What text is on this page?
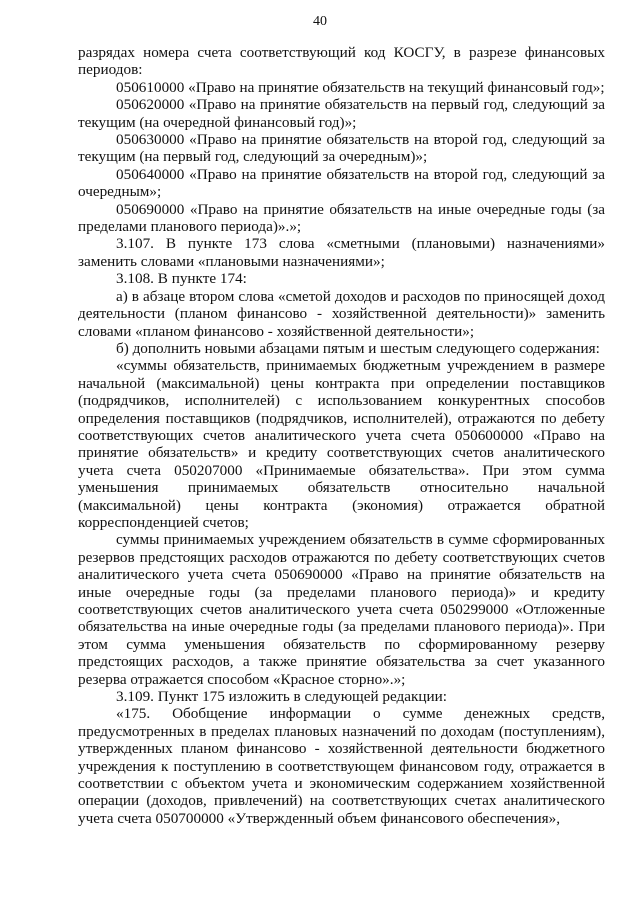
40

разрядах номера счета соответствующий код КОСГУ, в разрезе финансовых периодов:

050610000 «Право на принятие обязательств на текущий финансовый год»;

050620000 «Право на принятие обязательств на первый год, следующий за текущим (на очередной финансовый год)»;

050630000 «Право на принятие обязательств на второй год, следующий за текущим (на первый год, следующий за очередным)»;

050640000 «Право на принятие обязательств на второй год, следующий за очередным»;

050690000 «Право на принятие обязательств на иные очередные годы (за пределами планового периода)».»;

3.107. В пункте 173 слова «сметными (плановыми) назначениями» заменить словами «плановыми назначениями»;

3.108. В пункте 174:

а) в абзаце втором слова «сметой доходов и расходов по приносящей доход деятельности (планом финансово - хозяйственной деятельности)» заменить словами «планом финансово - хозяйственной деятельности»;

б) дополнить новыми абзацами пятым и шестым следующего содержания:

«суммы обязательств, принимаемых бюджетным учреждением в размере начальной (максимальной) цены контракта при определении поставщиков (подрядчиков, исполнителей) с использованием конкурентных способов определения поставщиков (подрядчиков, исполнителей), отражаются по дебету соответствующих счетов аналитического учета счета 050600000 «Право на принятие обязательств» и кредиту соответствующих счетов аналитического учета счета 050207000 «Принимаемые обязательства». При этом сумма уменьшения принимаемых обязательств относительно начальной (максимальной) цены контракта (экономия) отражается обратной корреспонденцией счетов;

суммы принимаемых учреждением обязательств в сумме сформированных резервов предстоящих расходов отражаются по дебету соответствующих счетов аналитического учета счета 050690000 «Право на принятие обязательств на иные очередные годы (за пределами планового периода)» и кредиту соответствующих счетов аналитического учета счета 050299000 «Отложенные обязательства на иные очередные годы (за пределами планового периода)». При этом сумма уменьшения обязательств по сформированному резерву предстоящих расходов, а также принятие обязательства за счет указанного резерва отражается способом «Красное сторно».»;

3.109. Пункт 175 изложить в следующей редакции:

«175. Обобщение информации о сумме денежных средств, предусмотренных в пределах плановых назначений по доходам (поступлениям), утвержденных планом финансово - хозяйственной деятельности бюджетного учреждения к поступлению в соответствующем финансовом году, отражается в соответствии с объектом учета и экономическим содержанием хозяйственной операции (доходов, привлечений) на соответствующих счетах аналитического учета счета 050700000 «Утвержденный объем финансового обеспечения»,
